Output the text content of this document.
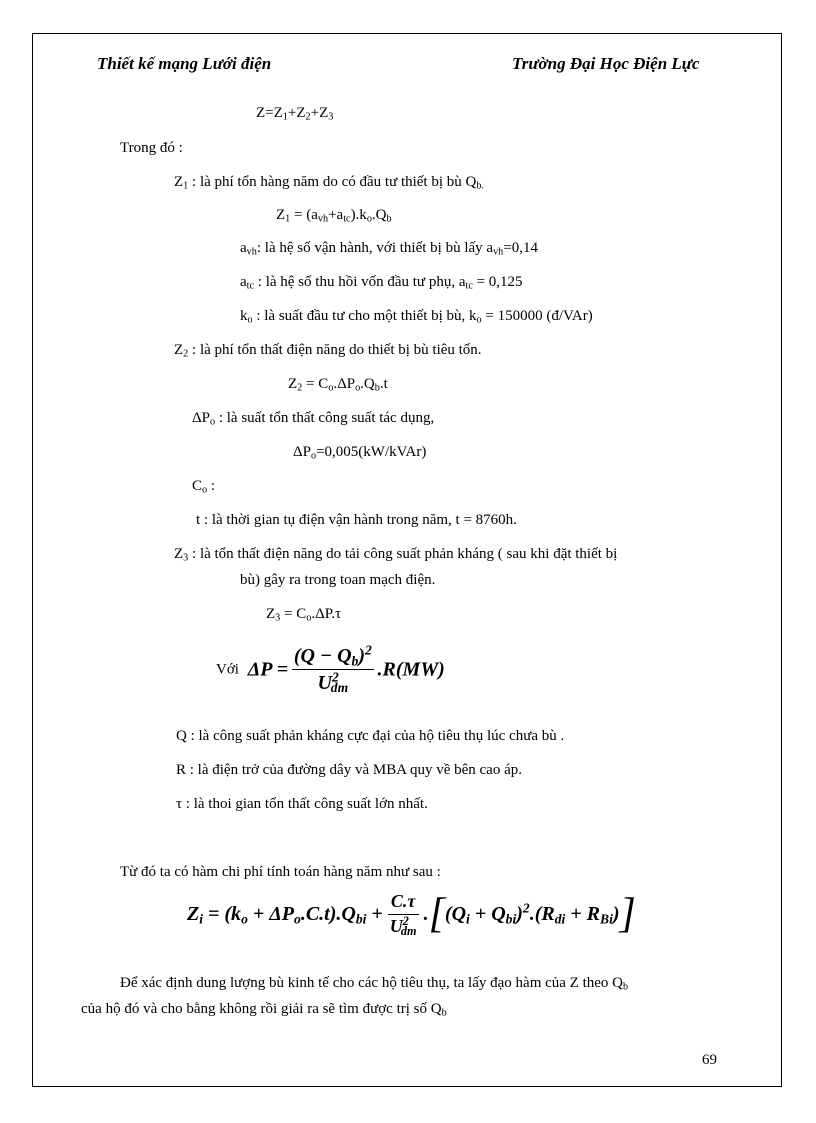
Thiết kế mạng Lưới điện	Trường Đại Học Điện Lực
$Z=Z_1+Z_2+Z_3$
Trong đó :
$Z_1$ : là phí tổn hàng năm do có đầu tư thiết bị bù $Q_{b.}$
$Z_1 = (a_{vh}+a_{tc}).k_o.Q_b$
$a_{vh}$: là hệ số vận hành, với thiết bị bù lấy $a_{vh}=0,14$
$a_{tc}$ : là hệ số thu hồi vốn đầu tư phụ, $a_{tc} = 0,125$
$k_o$ : là suất đầu tư cho một thiết bị bù, $k_o = 150000$ (đ/VAr)
$Z_2$ : là phí tổn thất điện năng do thiết bị bù tiêu tốn.
$Z_2 = C_o.\Delta P_o.Q_b.t$
$\Delta P_o$ : là suất tổn thất công suất tác dụng,
$\Delta P_o=0,005(kW/kVAr)$
$C_o$ :
t : là thời gian tụ điện vận hành trong năm, t = 8760h.
$Z_3$ : là tổn thất điện năng do tải công suất phản kháng ( sau khi đặt thiết bị
bù) gây ra trong toan mạch điện.
$Z_3 = C_o.\Delta P.\tau$
Với  $\Delta P = \frac{(Q - Q_b)^2}{U^2_{dm}} .R(MW)$
Q : là công suất phản kháng cực đại của hộ tiêu thụ lúc chưa bù .
R : là điện trở của đường dây và MBA quy về bên cao áp.
τ : là thoi gian tổn thất công suất lớn nhất.
Từ đó ta có hàm chi phí tính toán hàng năm như sau :
$Z_i = (k_o + \Delta P_o.C.t).Q_{bi} + \frac{C.\tau}{U^2_{dm}} .[(Q_i + Q_{bi})^2.(R_{di} + R_{Bi})]$
Để xác định dung lượng bù kinh tế cho các hộ tiêu thụ, ta lấy đạo hàm của Z theo $Q_b$
của hộ đó và cho bằng không rồi giải ra sẽ tìm được trị số $Q_b$
69
